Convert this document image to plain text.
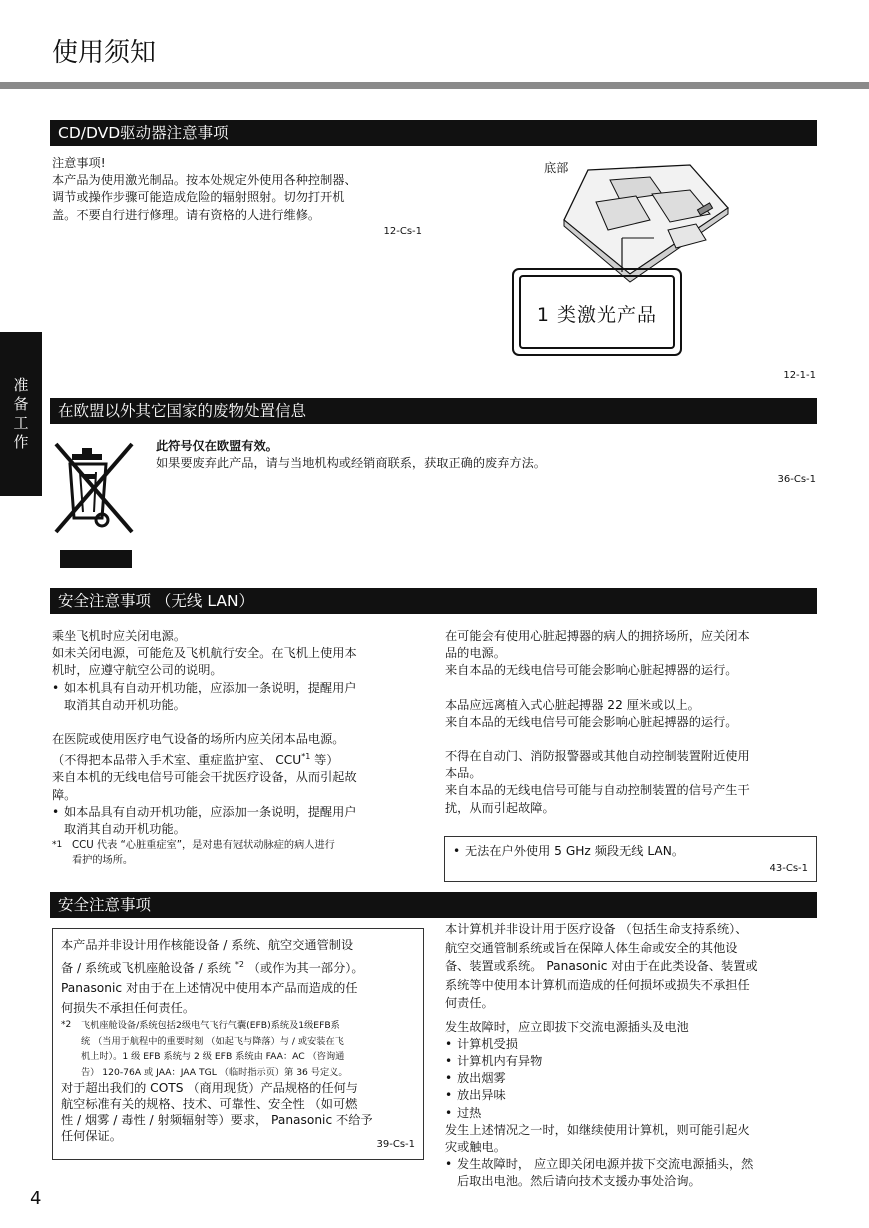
使用须知
准备工作
CD/DVD驱动器注意事项

注意事项!

本产品为使用激光制品。按本处规定外使用各种控制器、

调节或操作步骤可能造成危险的辐射照射。切勿打开机

盖。不要自行进行修理。请有资格的人进行维修。

12-Cs-1
底部
1 类激光产品
12-1-1
在欧盟以外其它国家的废物处置信息

此符号仅在欧盟有效。

如果要废弃此产品，请与当地机构或经销商联系，获取正确的废弃方法。

36-Cs-1
安全注意事项 （无线 LAN）

乘坐飞机时应关闭电源。

如未关闭电源，可能危及飞机航行安全。在飞机上使用本

机时，应遵守航空公司的说明。

• 如本机具有自动开机功能，应添加一条说明，提醒用户
取消其自动开机功能。

在医院或使用医疗电气设备的场所内应关闭本品电源。

（不得把本品带入手术室、重症监护室、 CCU$^{*1}$ 等）

来自本机的无线电信号可能会干扰医疗设备，从而引起故

障。

• 如本品具有自动开机功能，应添加一条说明，提醒用户
取消其自动开机功能。
*1 CCU 代表 “心脏重症室”，是对患有冠状动脉症的病人进行
看护的场所。

在可能会有使用心脏起搏器的病人的拥挤场所，应关闭本

品的电源。

来自本品的无线电信号可能会影响心脏起搏器的运行。

本品应远离植入式心脏起搏器 22 厘米或以上。

来自本品的无线电信号可能会影响心脏起搏器的运行。

不得在自动门、消防报警器或其他自动控制装置附近使用

本品。

来自本品的无线电信号可能与自动控制装置的信号产生干

扰，从而引起故障。

• 无法在户外使用 5 GHz 频段无线 LAN。
43-Cs-1
安全注意事项

本产品并非设计用作核能设备 / 系统、航空交通管制设

备 / 系统或飞机座舱设备 / 系统 $^{*2}$ （或作为其一部分）。

Panasonic 对由于在上述情况中使用本产品而造成的任

何损失不承担任何责任。

*2 飞机座舱设备/系统包括2级电气飞行气囊(EFB)系统及1级EFB系
统 （当用于航程中的重要时刻 （如起飞与降落）与 / 或安装在飞
机上时）。1 级 EFB 系统与 2 级 EFB 系统由 FAA：AC （咨询通
告） 120-76A 或 JAA：JAA TGL （临时指示页）第 36 号定义。

对于超出我们的 COTS （商用现货）产品规格的任何与

航空标准有关的规格、技术、可靠性、安全性 （如可燃

性 / 烟雾 / 毒性 / 射频辐射等）要求， Panasonic 不给予

任何保证。

39-Cs-1

本计算机并非设计用于医疗设备 （包括生命支持系统）、

航空交通管制系统或旨在保障人体生命或安全的其他设

备、装置或系统。 Panasonic 对由于在此类设备、装置或

系统等中使用本计算机而造成的任何损坏或损失不承担任

何责任。

发生故障时，应立即拔下交流电源插头及电池

• 计算机受损
• 计算机内有异物
• 放出烟雾
• 放出异味
• 过热

发生上述情况之一时，如继续使用计算机，则可能引起火

灾或触电。

• 发生故障时， 应立即关闭电源并拔下交流电源插头，然
后取出电池。然后请向技术支援办事处洽询。
4
